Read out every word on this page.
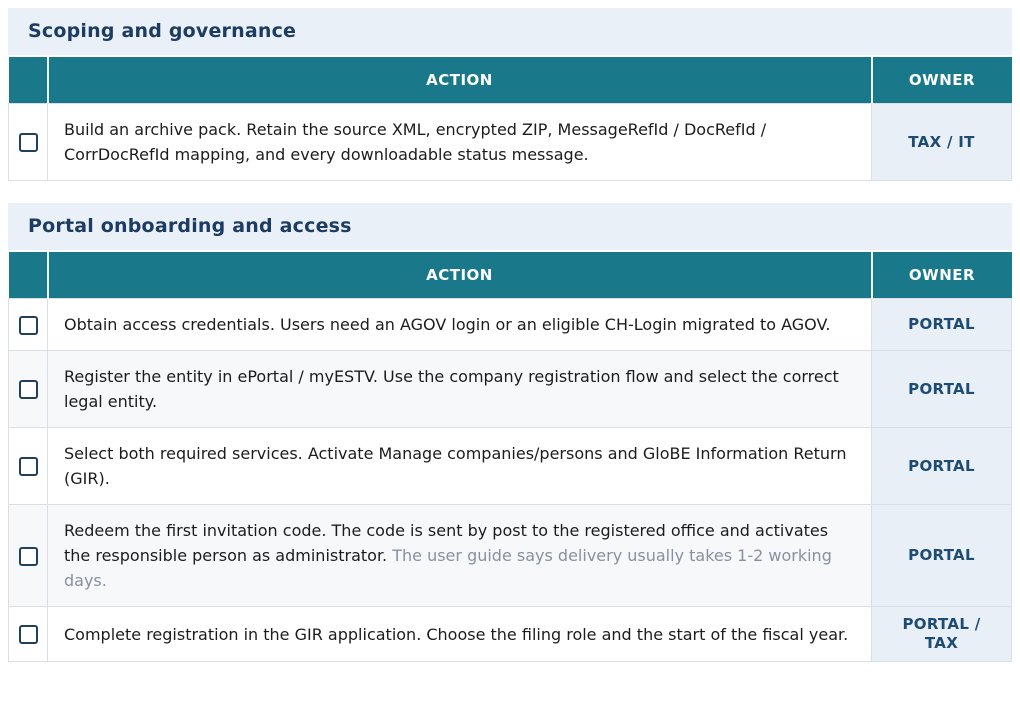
Scoping and governance
	ACTION	OWNER
	Build an archive pack. Retain the source XML, encrypted ZIP, MessageRefId / DocRefId / CorrDocRefId mapping, and every downloadable status message.	TAX / IT
Portal onboarding and access
	ACTION	OWNER
	Obtain access credentials. Users need an AGOV login or an eligible CH-Login migrated to AGOV.	PORTAL
	Register the entity in ePortal / myESTV. Use the company registration flow and select the correct legal entity.	PORTAL
	Select both required services. Activate Manage companies/persons and GloBE Information Return (GIR).	PORTAL
	Redeem the first invitation code. The code is sent by post to the registered office and activates the responsible person as administrator. The user guide says delivery usually takes 1-2 working days.	PORTAL
	Complete registration in the GIR application. Choose the filing role and the start of the fiscal year.	PORTAL / TAX
